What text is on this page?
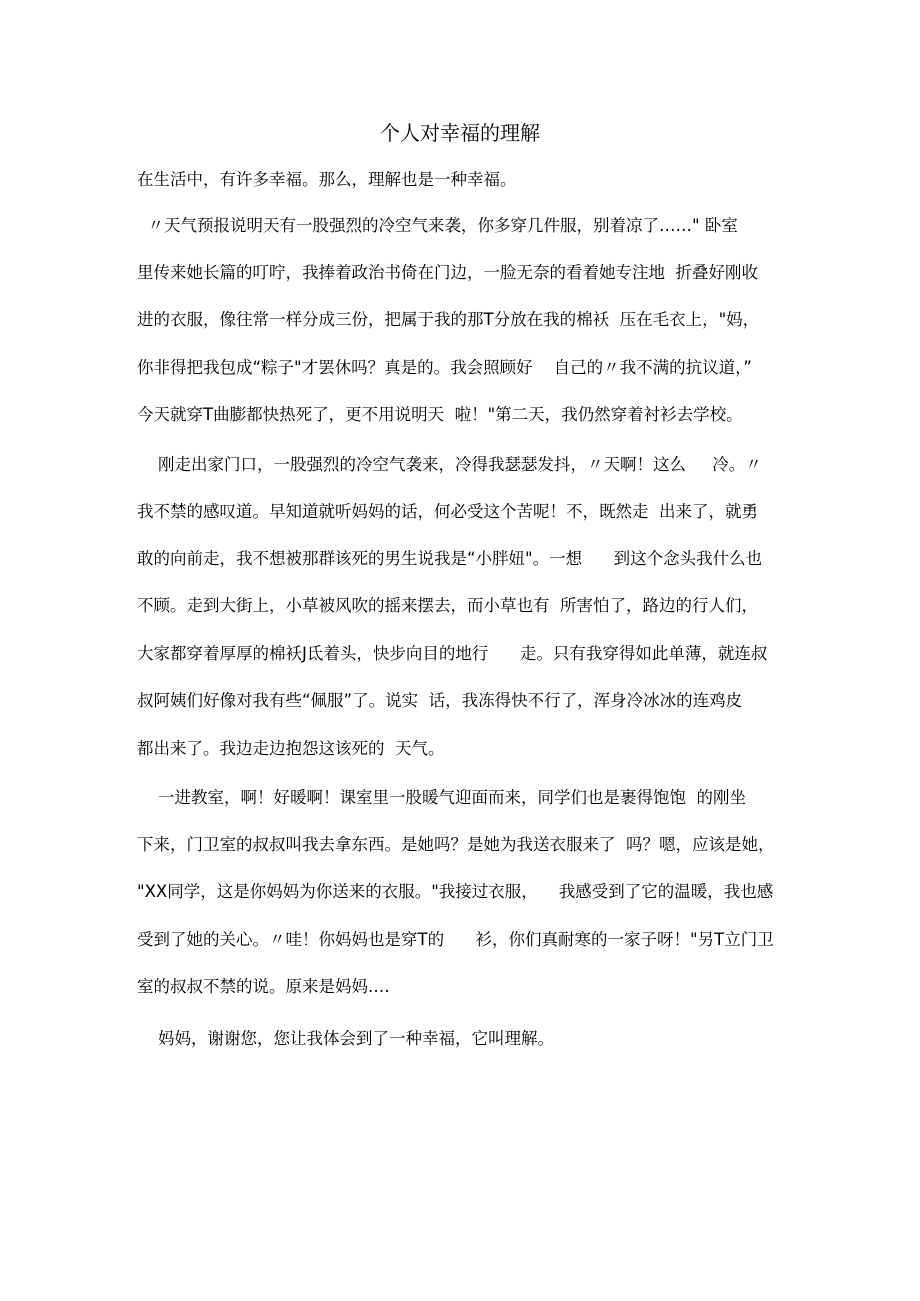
个人对幸福的理解

在生活中，有许多幸福。那么，理解也是一种幸福。

〃天气预报说明天有一股强烈的冷空气来袭，你多穿几件服，别着凉了……" 卧室

里传来她长篇的叮咛，我捧着政治书倚在门边，一脸无奈的看着她专注地  折叠好刚收

进的衣服，像往常一样分成三份，把属于我的那T分放在我的棉袄  压在毛衣上，"妈，

你非得把我包成“粽子"才罢休吗？真是的。我会照顾好    自己的〃我不满的抗议道，”

今天就穿T曲膨都快热死了，更不用说明天  啦！"第二天，我仍然穿着衬衫去学校。

刚走出家门口，一股强烈的冷空气袭来，冷得我瑟瑟发抖，〃天啊！这么     冷。〃

我不禁的感叹道。早知道就听妈妈的话，何必受这个苦呢！不，既然走  出来了，就勇

敢的向前走，我不想被那群该死的男生说我是“小胖妞"。一想      到这个念头我什么也

不顾。走到大街上，小草被风吹的摇来摆去，而小草也有  所害怕了，路边的行人们，

大家都穿着厚厚的棉袄J氐着头，快步向目的地行      走。只有我穿得如此单薄，就连叔

叔阿姨们好像对我有些“佩服”了。说实  话，我冻得快不行了，浑身冷冰冰的连鸡皮

都出来了。我边走边抱怨这该死的  天气。

一进教室，啊！好暖啊！课室里一股暖气迎面而来，同学们也是裹得饱饱  的刚坐

下来，门卫室的叔叔叫我去拿东西。是她吗？是她为我送衣服来了  吗？嗯，应该是她，

"XX同学，这是你妈妈为你送来的衣服。"我接过衣服，    我感受到了它的温暖，我也感

受到了她的关心。〃哇！你妈妈也是穿T的      衫，你们真耐寒的一家子呀！"另T立门卫

室的叔叔不禁的说。原来是妈妈.…

妈妈，谢谢您，您让我体会到了一种幸福，它叫理解。
